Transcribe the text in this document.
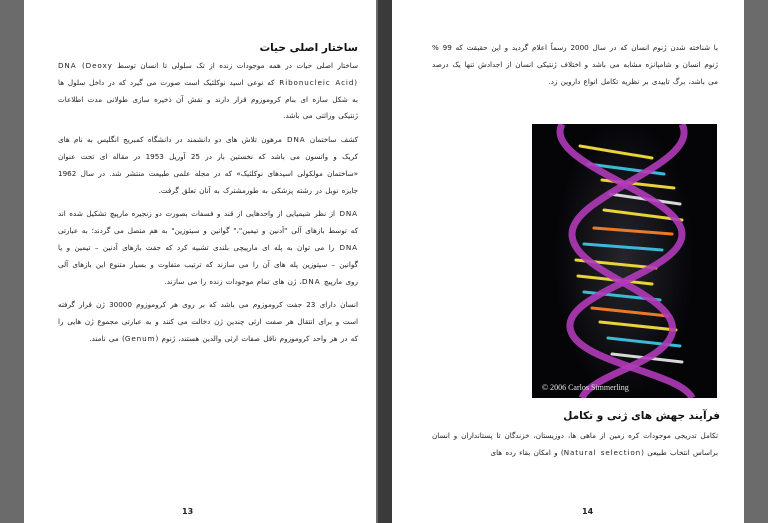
ساختار اصلی حیات

ساختار اصلی حیات در همه موجودات زنده از تک سلولی تا انسان توسط DNA (Deoxy Ribonucleic Acid) که نوعی اسید نوکلئیک است صورت می گیرد که در داخل سلول ها به شکل سازه ای بنام کروموزوم قرار دارند و نقش آن ذخیره سازی طولانی مدت اطلاعات ژنتیکی وراثتی می باشد.

کشف ساختمان DNA مرهون تلاش های دو دانشمند در دانشگاه کمبریج انگلیس به نام های کریک و واتسون می باشد که نخستین بار در 25 آوریل 1953 در مقاله ای تحت عنوان «ساختمان مولکولی اسیدهای نوکلئیک» که در مجله علمی طبیعت منتشر شد. در سال 1962 جایزه نوبل در رشته پزشکی به طورمشترک به آنان تعلق گرفت.

DNA از نظر شیمیایی از واحدهایی از قند و فسفات بصورت دو زنجیره مارپیچ تشکیل شده اند که توسط بازهای آلی "آدنین و تیمین"،" گوانین و سیتوزین" به هم متصل می گردند؛ به عبارتی DNA را می توان به پله ای مارپیچی بلندی تشبیه کرد که جفت بازهای آدنین – تیمین و یا گوانین – سیتوزین پله های آن را می سازند که ترتیب متفاوت و بسیار متنوع این بازهای آلی روی مارپیچ DNA، ژن های تمام موجودات زنده را می سازند.

انسان دارای 23 جفت کروموزوم می باشد که بر روی هر کروموزوم 30000 ژن قرار گرفته است و برای انتقال هر صفت ارثی چندین ژن دخالت می کنند و به عبارتی مجموع ژن هایی را که در هر واحد کروموزوم ناقل صفات ارثی والدین هستند، ژنوم (Genum) می نامند.

13
با شناخته شدن ژنوم انسان که در سال 2000 رسماً اعلام گردید و این حقیقت که 99 % ژنوم انسان و شامپانزه مشابه می باشد و اختلاف ژنتیکی انسان از اجدادش تنها یک درصد می باشد، برگ تاییدی بر نظریه تکامل انواع داروین زد.
© 2006 Carlos Simmerling
فرآیند جهش های ژنی و تکامل
تکامل تدریجی موجودات کره زمین از ماهی ها، دوزیستان، خزندگان تا پستانداران و انسان براساس انتخاب طبیعی (Natural selection) و امکان بقاء رده های
14
